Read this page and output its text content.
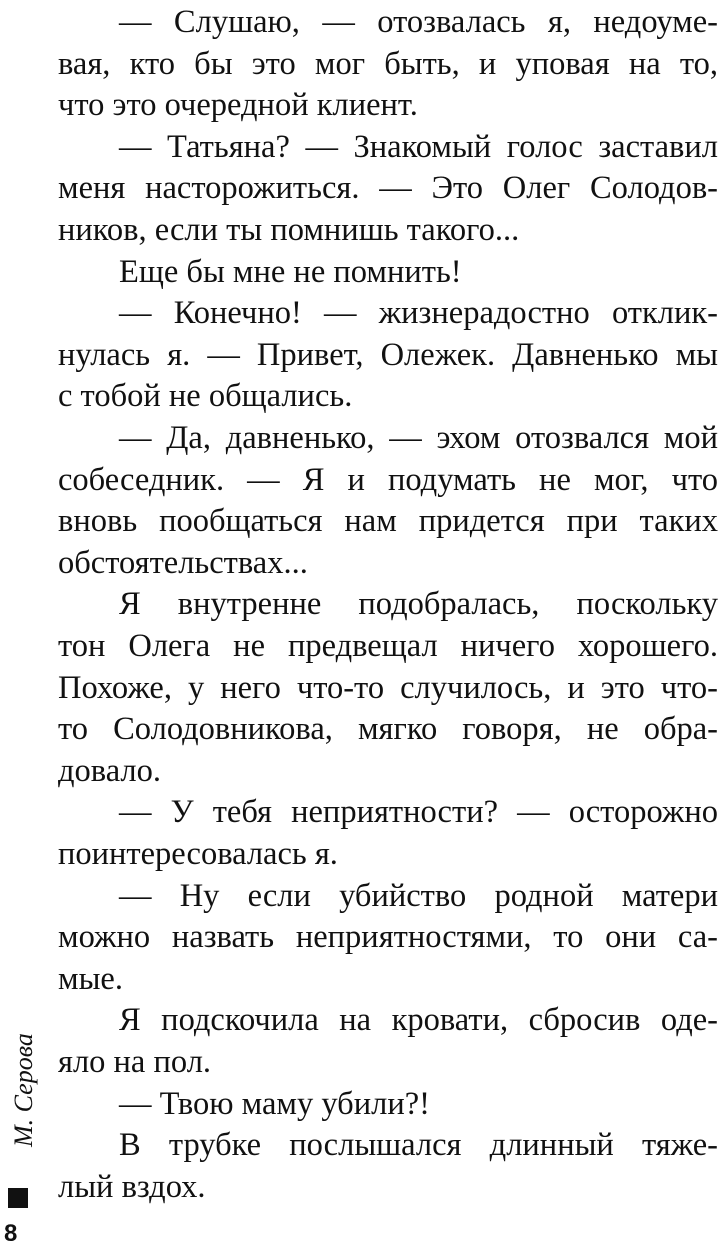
— Слушаю, — отозвалась я, недоуме-
вая, кто бы это мог быть, и уповая на то,
что это очередной клиент.
— Татьяна? — Знакомый голос заставил
меня насторожиться. — Это Олег Солодов-
ников, если ты помнишь такого...
Еще бы мне не помнить!
— Конечно! — жизнерадостно отклик-
нулась я. — Привет, Олежек. Давненько мы
с тобой не общались.
— Да, давненько, — эхом отозвался мой
собеседник. — Я и подумать не мог, что
вновь пообщаться нам придется при таких
обстоятельствах...
Я внутренне подобралась, поскольку
тон Олега не предвещал ничего хорошего.
Похоже, у него что-то случилось, и это что-
то Солодовникова, мягко говоря, не обра-
довало.
— У тебя неприятности? — осторожно
поинтересовалась я.
— Ну если убийство родной матери
можно назвать неприятностями, то они са-
мые.
Я подскочила на кровати, сбросив оде-
яло на пол.
— Твою маму убили?!
В трубке послышался длинный тяже-
лый вздох.
М. Серова
8
